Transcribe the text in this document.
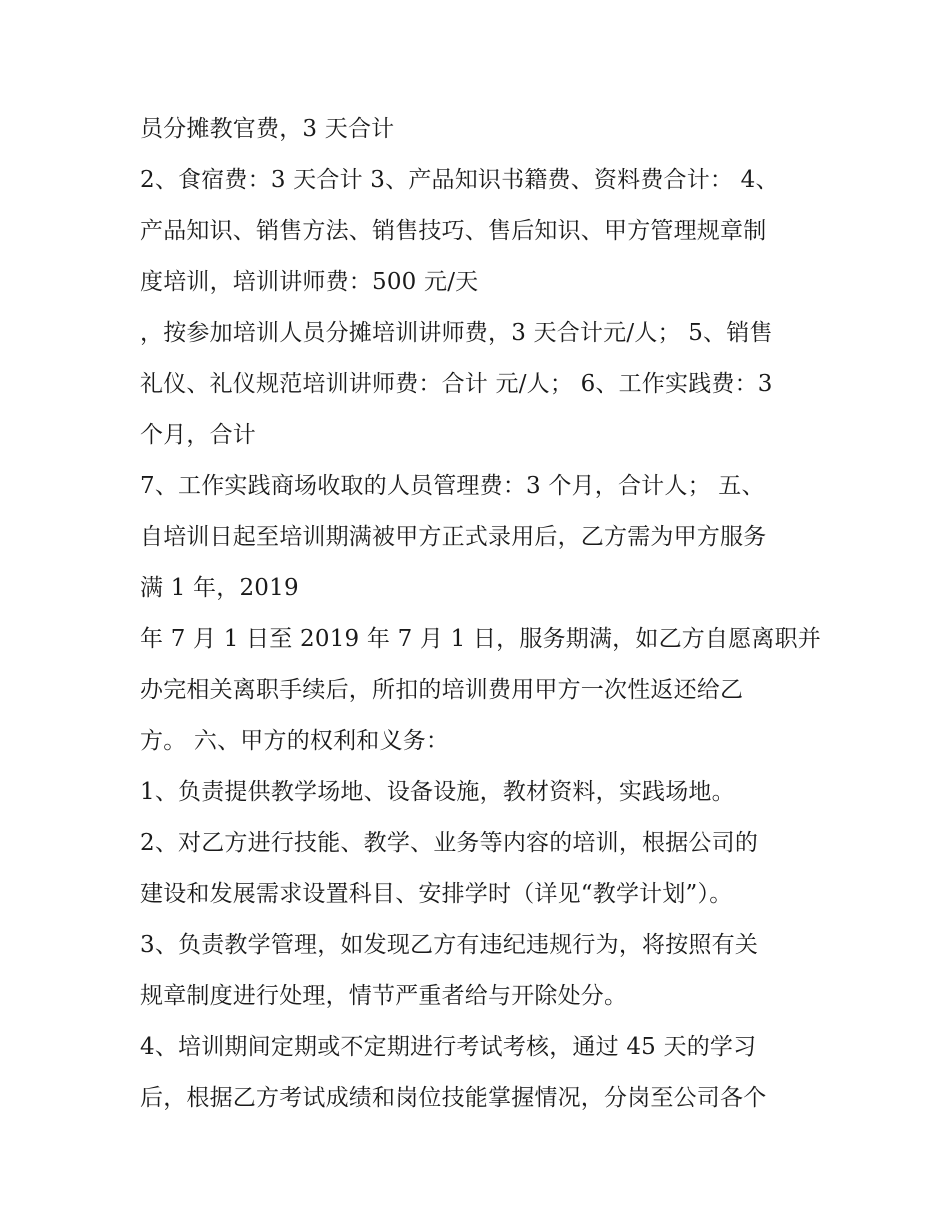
员分摊教官费，3 天合计
2、食宿费：3 天合计 3、产品知识书籍费、资料费合计： 4、
产品知识、销售方法、销售技巧、售后知识、甲方管理规章制
度培训，培训讲师费：500 元/天
，按参加培训人员分摊培训讲师费，3 天合计元/人； 5、销售
礼仪、礼仪规范培训讲师费：合计 元/人； 6、工作实践费：3
个月，合计
7、工作实践商场收取的人员管理费：3 个月，合计人； 五、
自培训日起至培训期满被甲方正式录用后，乙方需为甲方服务
满 1 年，2019
年 7 月 1 日至 2019 年 7 月 1 日，服务期满，如乙方自愿离职并
办完相关离职手续后，所扣的培训费用甲方一次性返还给乙
方。 六、甲方的权利和义务：
1、负责提供教学场地、设备设施，教材资料，实践场地。
2、对乙方进行技能、教学、业务等内容的培训，根据公司的
建设和发展需求设置科目、安排学时（详见“教学计划”）。
3、负责教学管理，如发现乙方有违纪违规行为，将按照有关
规章制度进行处理，情节严重者给与开除处分。
4、培训期间定期或不定期进行考试考核，通过 45 天的学习
后，根据乙方考试成绩和岗位技能掌握情况，分岗至公司各个
